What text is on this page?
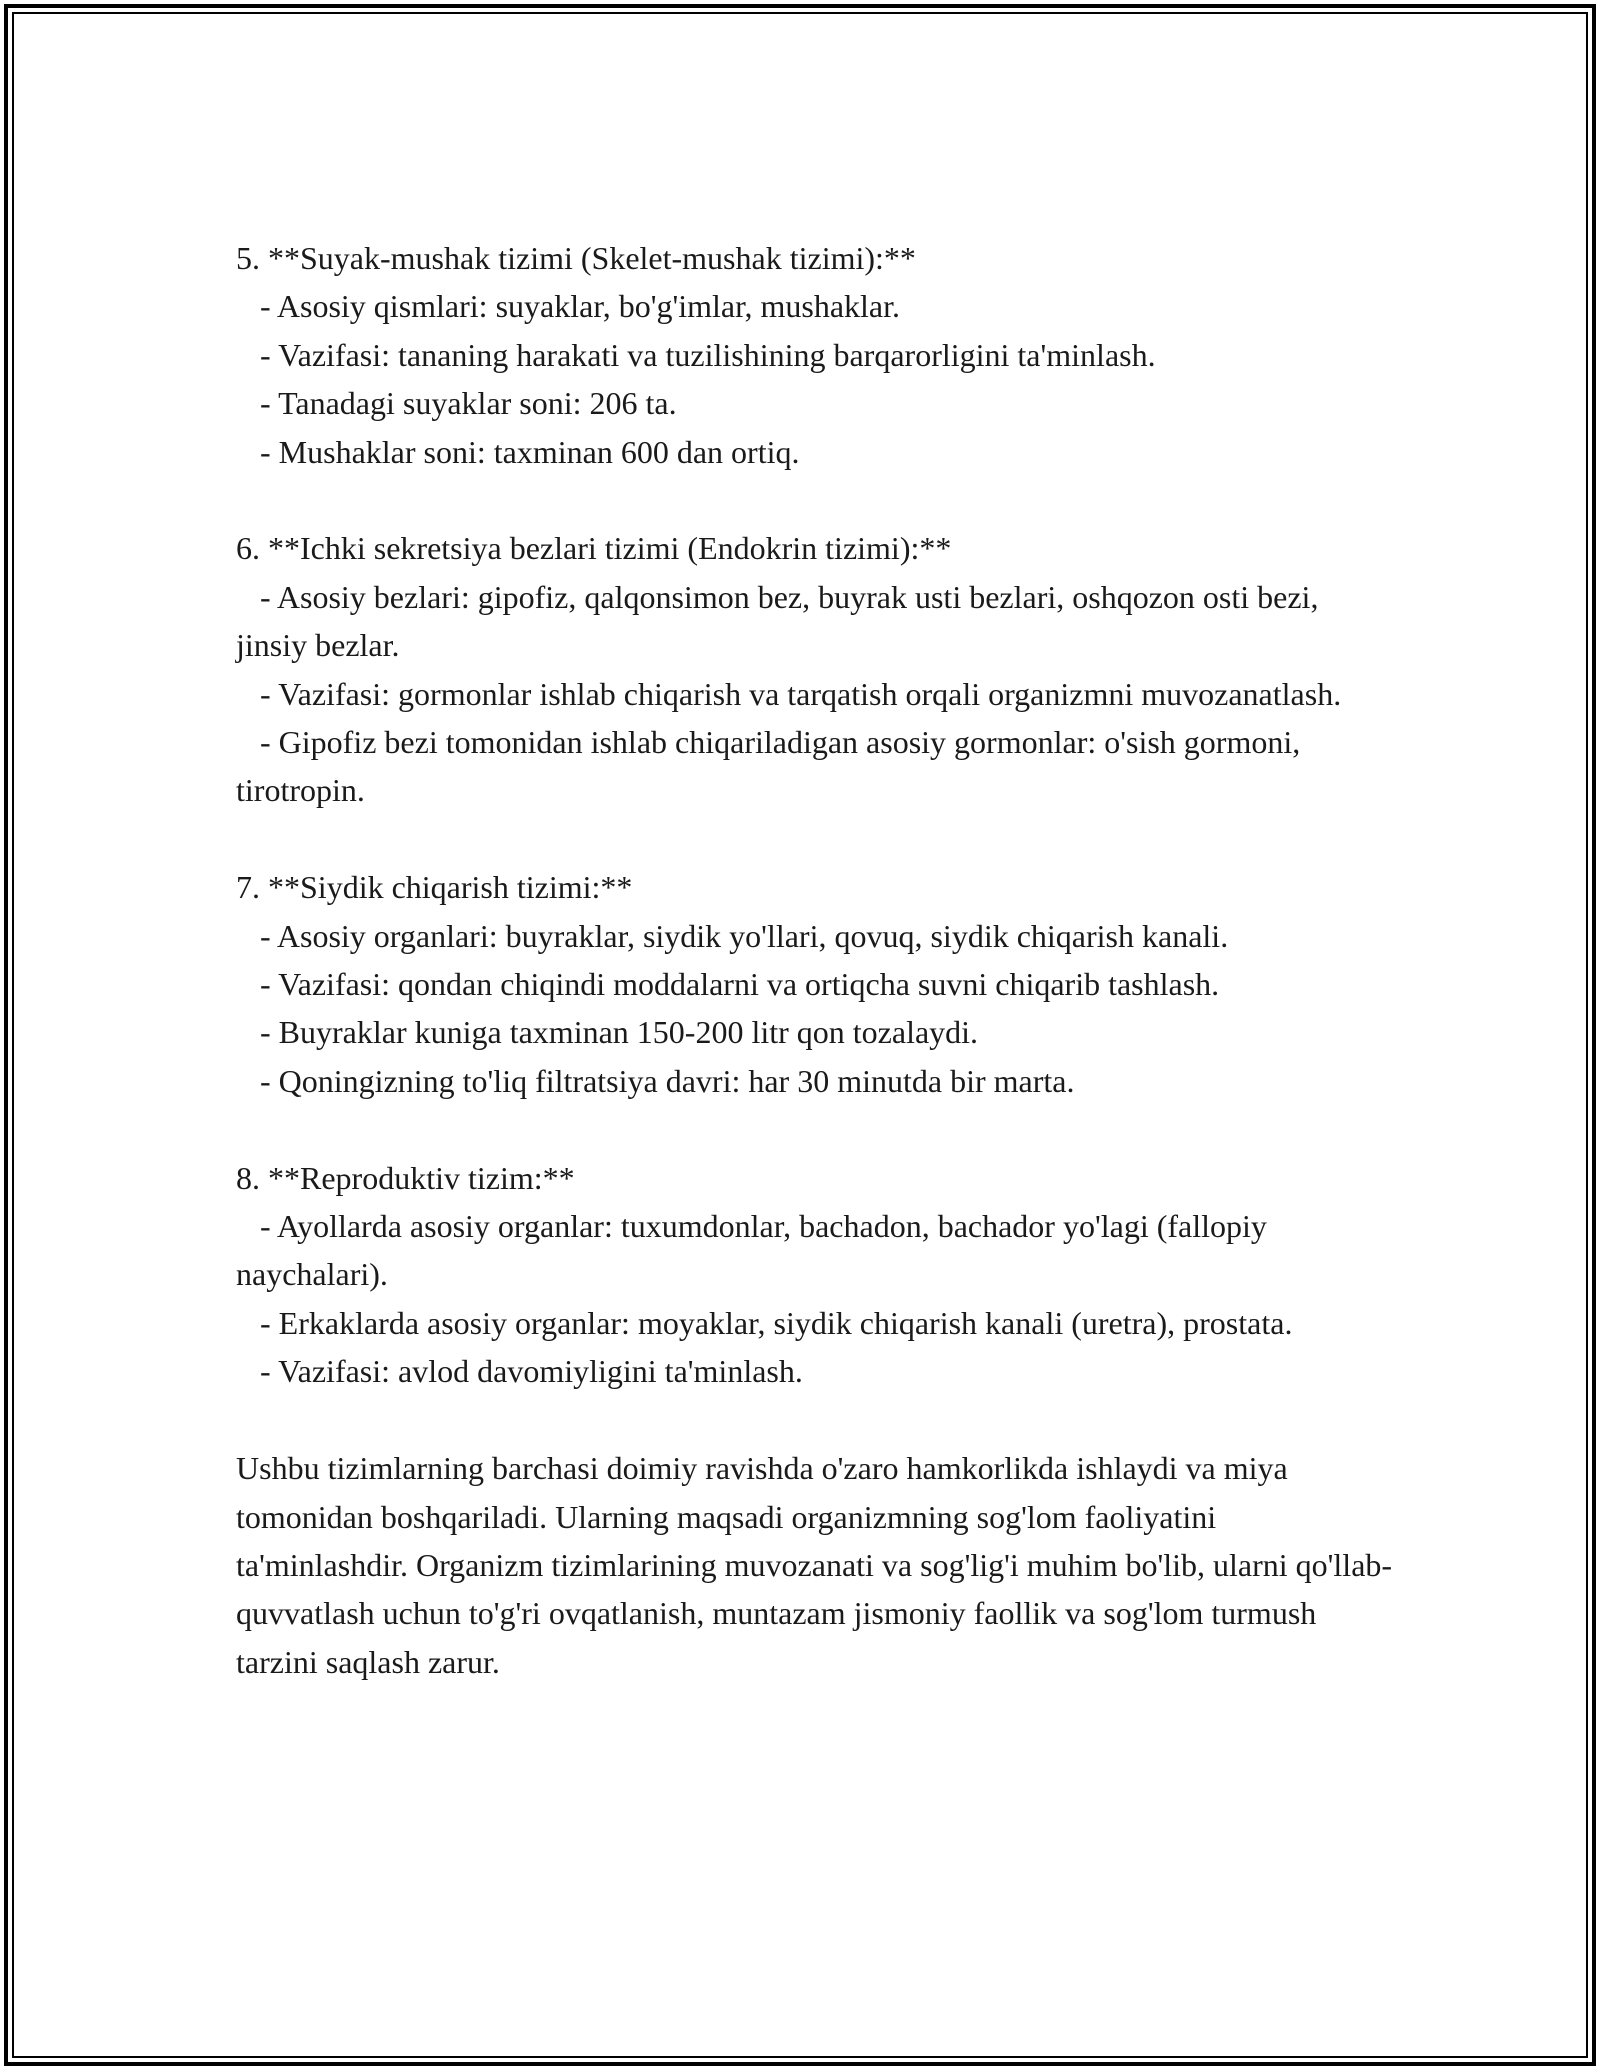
5. **Suyak-mushak tizimi (Skelet-mushak tizimi):**

- Asosiy qismlari: suyaklar, bo'g'imlar, mushaklar.

- Vazifasi: tananing harakati va tuzilishining barqarorligini ta'minlash.

- Tanadagi suyaklar soni: 206 ta.

- Mushaklar soni: taxminan 600 dan ortiq.

6. **Ichki sekretsiya bezlari tizimi (Endokrin tizimi):**

- Asosiy bezlari: gipofiz, qalqonsimon bez, buyrak usti bezlari, oshqozon osti bezi, jinsiy bezlar.

- Vazifasi: gormonlar ishlab chiqarish va tarqatish orqali organizmni muvozanatlash.

- Gipofiz bezi tomonidan ishlab chiqariladigan asosiy gormonlar: o'sish gormoni, tirotropin.

7. **Siydik chiqarish tizimi:**

- Asosiy organlari: buyraklar, siydik yo'llari, qovuq, siydik chiqarish kanali.

- Vazifasi: qondan chiqindi moddalarni va ortiqcha suvni chiqarib tashlash.

- Buyraklar kuniga taxminan 150-200 litr qon tozalaydi.

- Qoningizning to'liq filtratsiya davri: har 30 minutda bir marta.

8. **Reproduktiv tizim:**

- Ayollarda asosiy organlar: tuxumdonlar, bachadon, bachador yo'lagi (fallopiy naychalari).

- Erkaklarda asosiy organlar: moyaklar, siydik chiqarish kanali (uretra), prostata.

- Vazifasi: avlod davomiyligini ta'minlash.

Ushbu tizimlarning barchasi doimiy ravishda o'zaro hamkorlikda ishlaydi va miya tomonidan boshqariladi. Ularning maqsadi organizmning sog'lom faoliyatini ta'minlashdir. Organizm tizimlarining muvozanati va sog'lig'i muhim bo'lib, ularni qo'llab-quvvatlash uchun to'g'ri ovqatlanish, muntazam jismoniy faollik va sog'lom turmush tarzini saqlash zarur.
